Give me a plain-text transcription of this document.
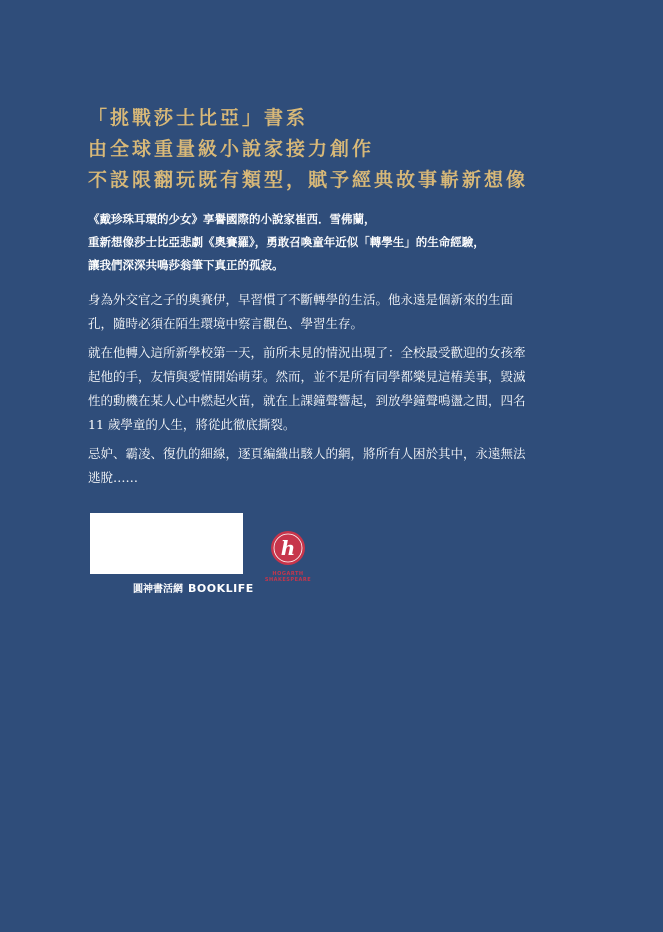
「挑戰莎士比亞」書系
由全球重量級小說家接力創作
不設限翻玩既有類型，賦予經典故事嶄新想像
《戴珍珠耳環的少女》享譽國際的小說家崔西．雪佛蘭，
重新想像莎士比亞悲劇《奧賽羅》，勇敢召喚童年近似「轉學生」的生命經驗，
讓我們深深共鳴莎翁筆下真正的孤寂。
身為外交官之子的奧賽伊，早習慣了不斷轉學的生活。他永遠是個新來的生面
孔，隨時必須在陌生環境中察言觀色、學習生存。
就在他轉入這所新學校第一天，前所未見的情況出現了：全校最受歡迎的女孩牽
起他的手，友情與愛情開始萌芽。然而，並不是所有同學都樂見這樁美事，毀滅
性的動機在某人心中燃起火苗，就在上課鐘聲響起，到放學鐘聲鳴盪之間，四名
11 歲學童的人生，將從此徹底撕裂。
忌妒、霸凌、復仇的細線，逐頁編織出駭人的網，將所有人困於其中，永遠無法
逃脫……
圓神書活網 BOOKLIFE
h
HOGARTH
SHAKESPEARE
